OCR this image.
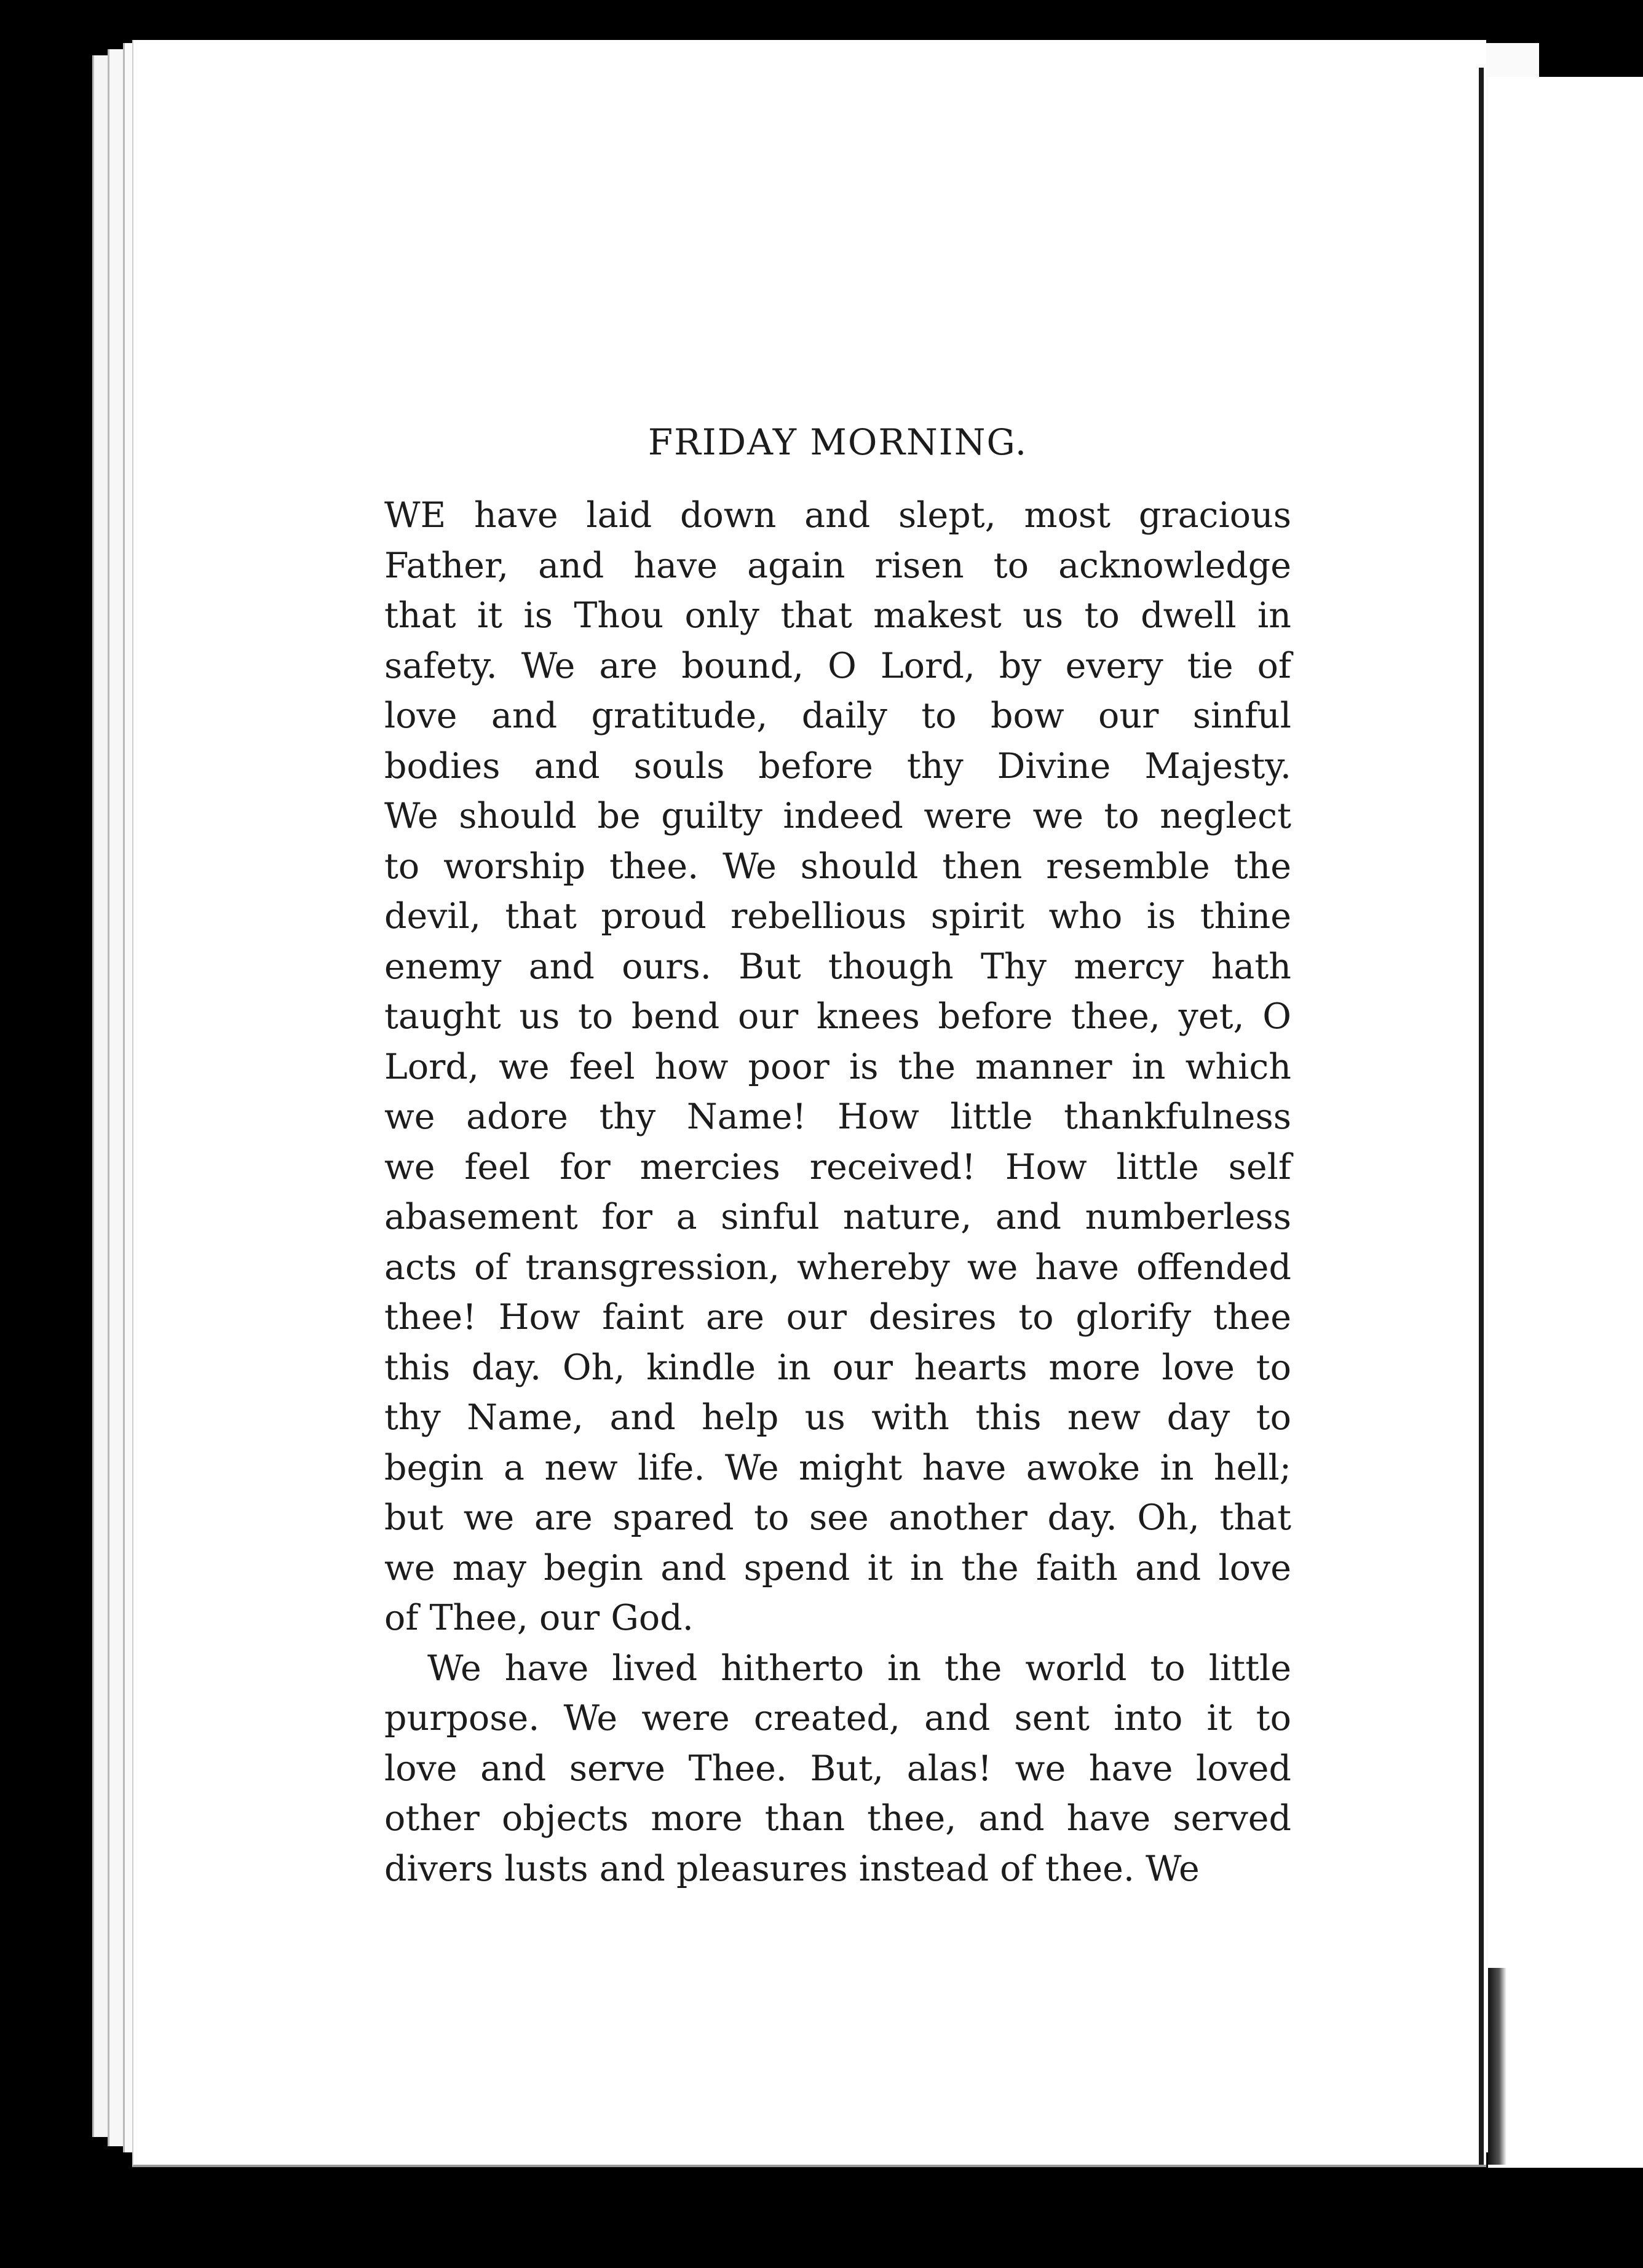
FRIDAY MORNING.

WE have laid down and slept, most gracious
Father, and have again risen to acknowledge
that it is Thou only that makest us to dwell in
safety. We are bound, O Lord, by every tie of
love and gratitude, daily to bow our sinful
bodies and souls before thy Divine Majesty.
We should be guilty indeed were we to neglect
to worship thee. We should then resemble the
devil, that proud rebellious spirit who is thine
enemy and ours. But though Thy mercy hath
taught us to bend our knees before thee, yet, O
Lord, we feel how poor is the manner in which
we adore thy Name! How little thankfulness
we feel for mercies received! How little self
abasement for a sinful nature, and numberless
acts of transgression, whereby we have offended
thee! How faint are our desires to glorify thee
this day. Oh, kindle in our hearts more love to
thy Name, and help us with this new day to
begin a new life. We might have awoke in hell;
but we are spared to see another day. Oh, that
we may begin and spend it in the faith and love
of Thee, our God.

We have lived hitherto in the world to little
purpose. We were created, and sent into it to
love and serve Thee. But, alas! we have loved
other objects more than thee, and have served
divers lusts and pleasures instead of thee. We
